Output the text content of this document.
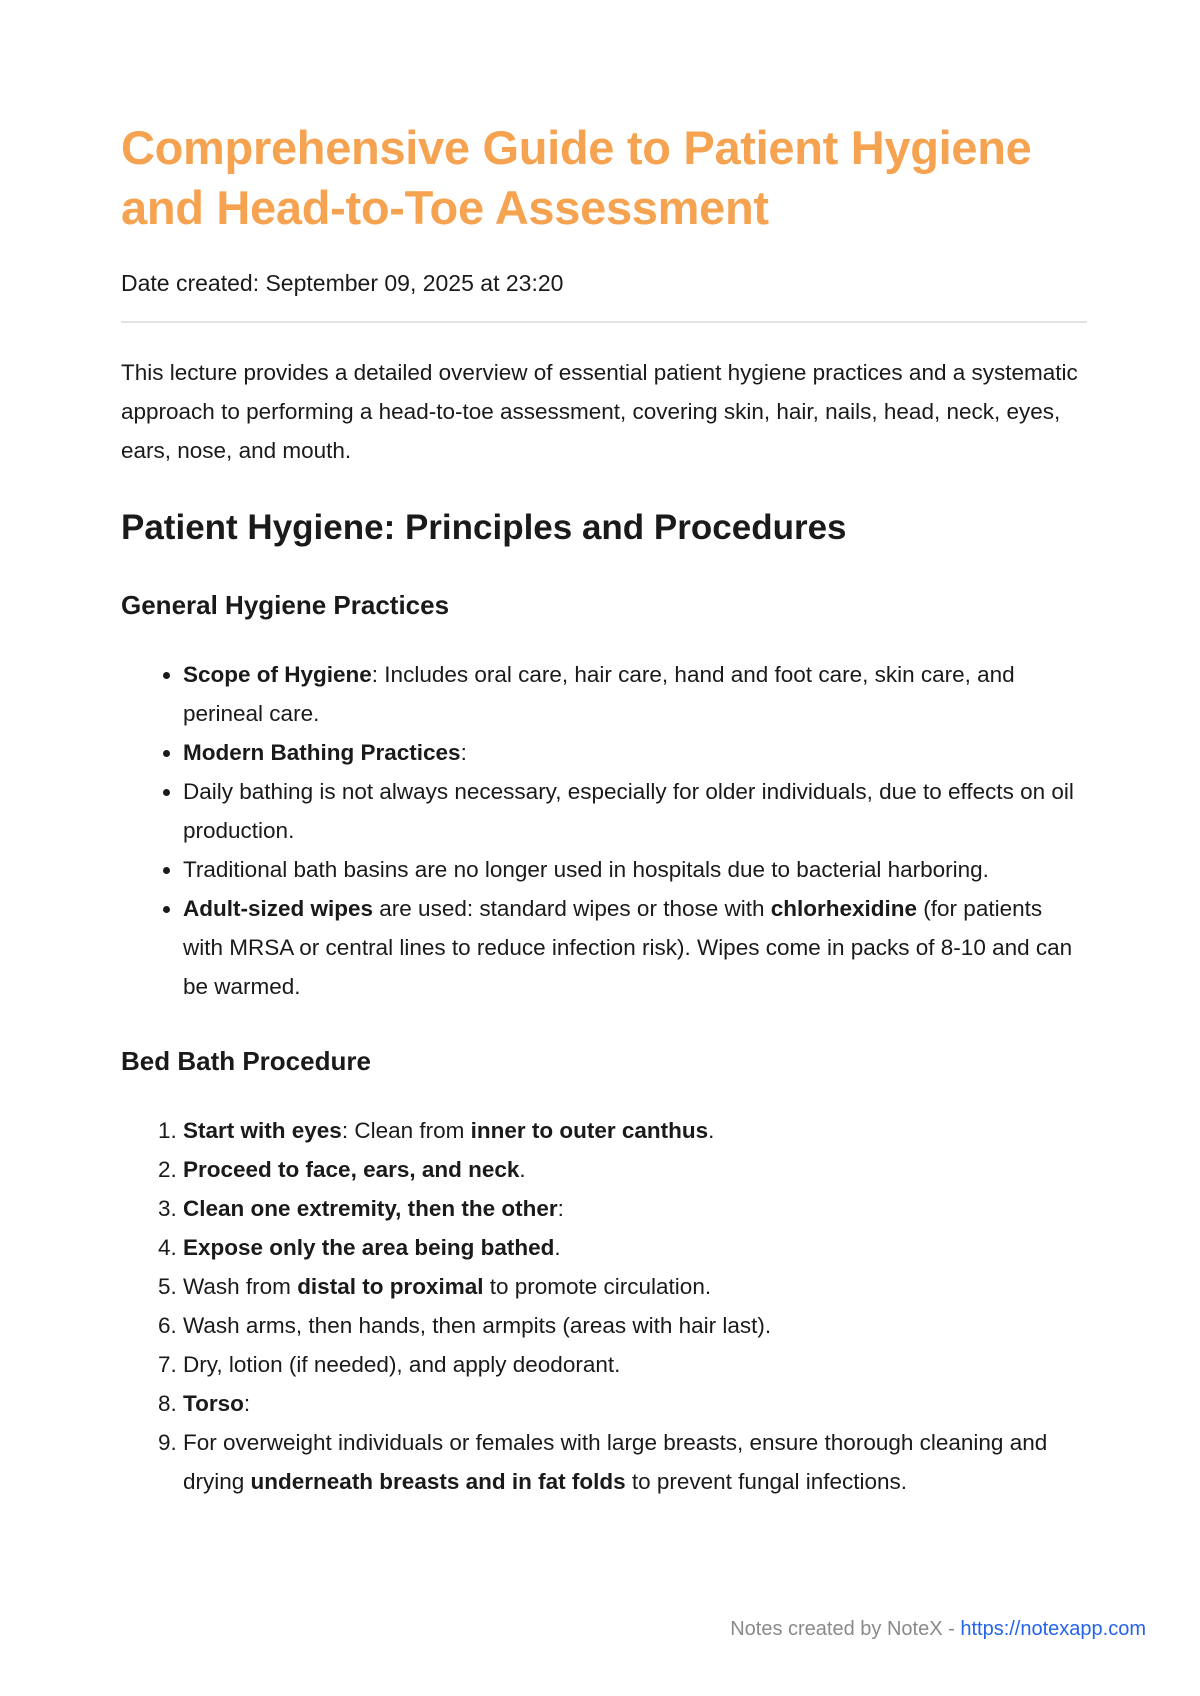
Comprehensive Guide to Patient Hygiene and Head-to-Toe Assessment
Date created: September 09, 2025 at 23:20

This lecture provides a detailed overview of essential patient hygiene practices and a systematic approach to performing a head-to-toe assessment, covering skin, hair, nails, head, neck, eyes, ears, nose, and mouth.

Patient Hygiene: Principles and Procedures
General Hygiene Practices
• Scope of Hygiene: Includes oral care, hair care, hand and foot care, skin care, and perineal care.
• Modern Bathing Practices:
• Daily bathing is not always necessary, especially for older individuals, due to effects on oil production.
• Traditional bath basins are no longer used in hospitals due to bacterial harboring.
• Adult-sized wipes are used: standard wipes or those with chlorhexidine (for patients with MRSA or central lines to reduce infection risk). Wipes come in packs of 8-10 and can be warmed.
Bed Bath Procedure
1. Start with eyes: Clean from inner to outer canthus.
2. Proceed to face, ears, and neck.
3. Clean one extremity, then the other:
4. Expose only the area being bathed.
5. Wash from distal to proximal to promote circulation.
6. Wash arms, then hands, then armpits (areas with hair last).
7. Dry, lotion (if needed), and apply deodorant.
8. Torso:
9. For overweight individuals or females with large breasts, ensure thorough cleaning and drying underneath breasts and in fat folds to prevent fungal infections.
Notes created by NoteX - https://notexapp.com
